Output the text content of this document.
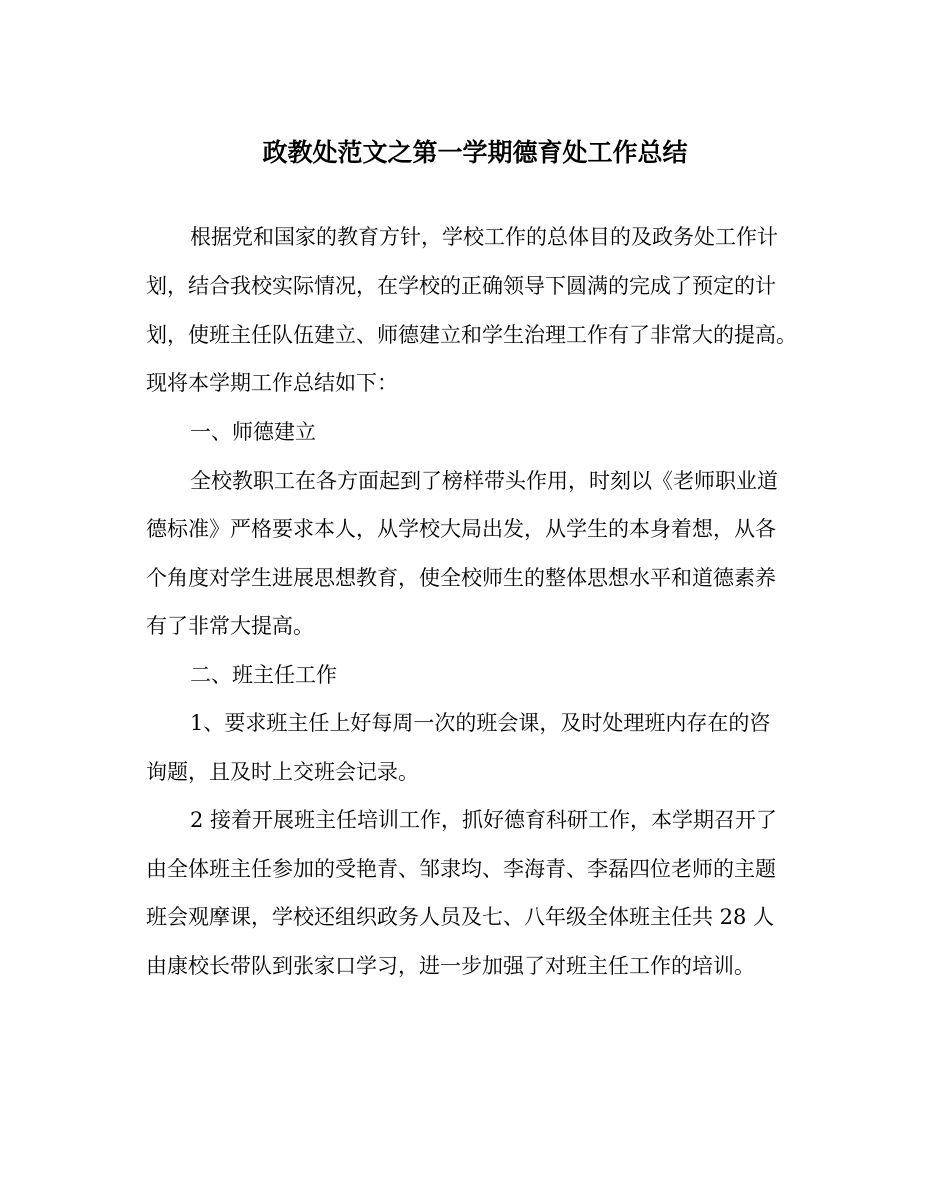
政教处范文之第一学期德育处工作总结
根据党和国家的教育方针，学校工作的总体目的及政务处工作计
划，结合我校实际情况，在学校的正确领导下圆满的完成了预定的计
划，使班主任队伍建立、师德建立和学生治理工作有了非常大的提高。
现将本学期工作总结如下：
一、师德建立
全校教职工在各方面起到了榜样带头作用，时刻以《老师职业道
德标准》严格要求本人，从学校大局出发，从学生的本身着想，从各
个角度对学生进展思想教育，使全校师生的整体思想水平和道德素养
有了非常大提高。
二、班主任工作
1、要求班主任上好每周一次的班会课，及时处理班内存在的咨
询题，且及时上交班会记录。
2 接着开展班主任培训工作，抓好德育科研工作，本学期召开了
由全体班主任参加的受艳青、邹隶均、李海青、李磊四位老师的主题
班会观摩课，学校还组织政务人员及七、八年级全体班主任共 28 人
由康校长带队到张家口学习，进一步加强了对班主任工作的培训。
